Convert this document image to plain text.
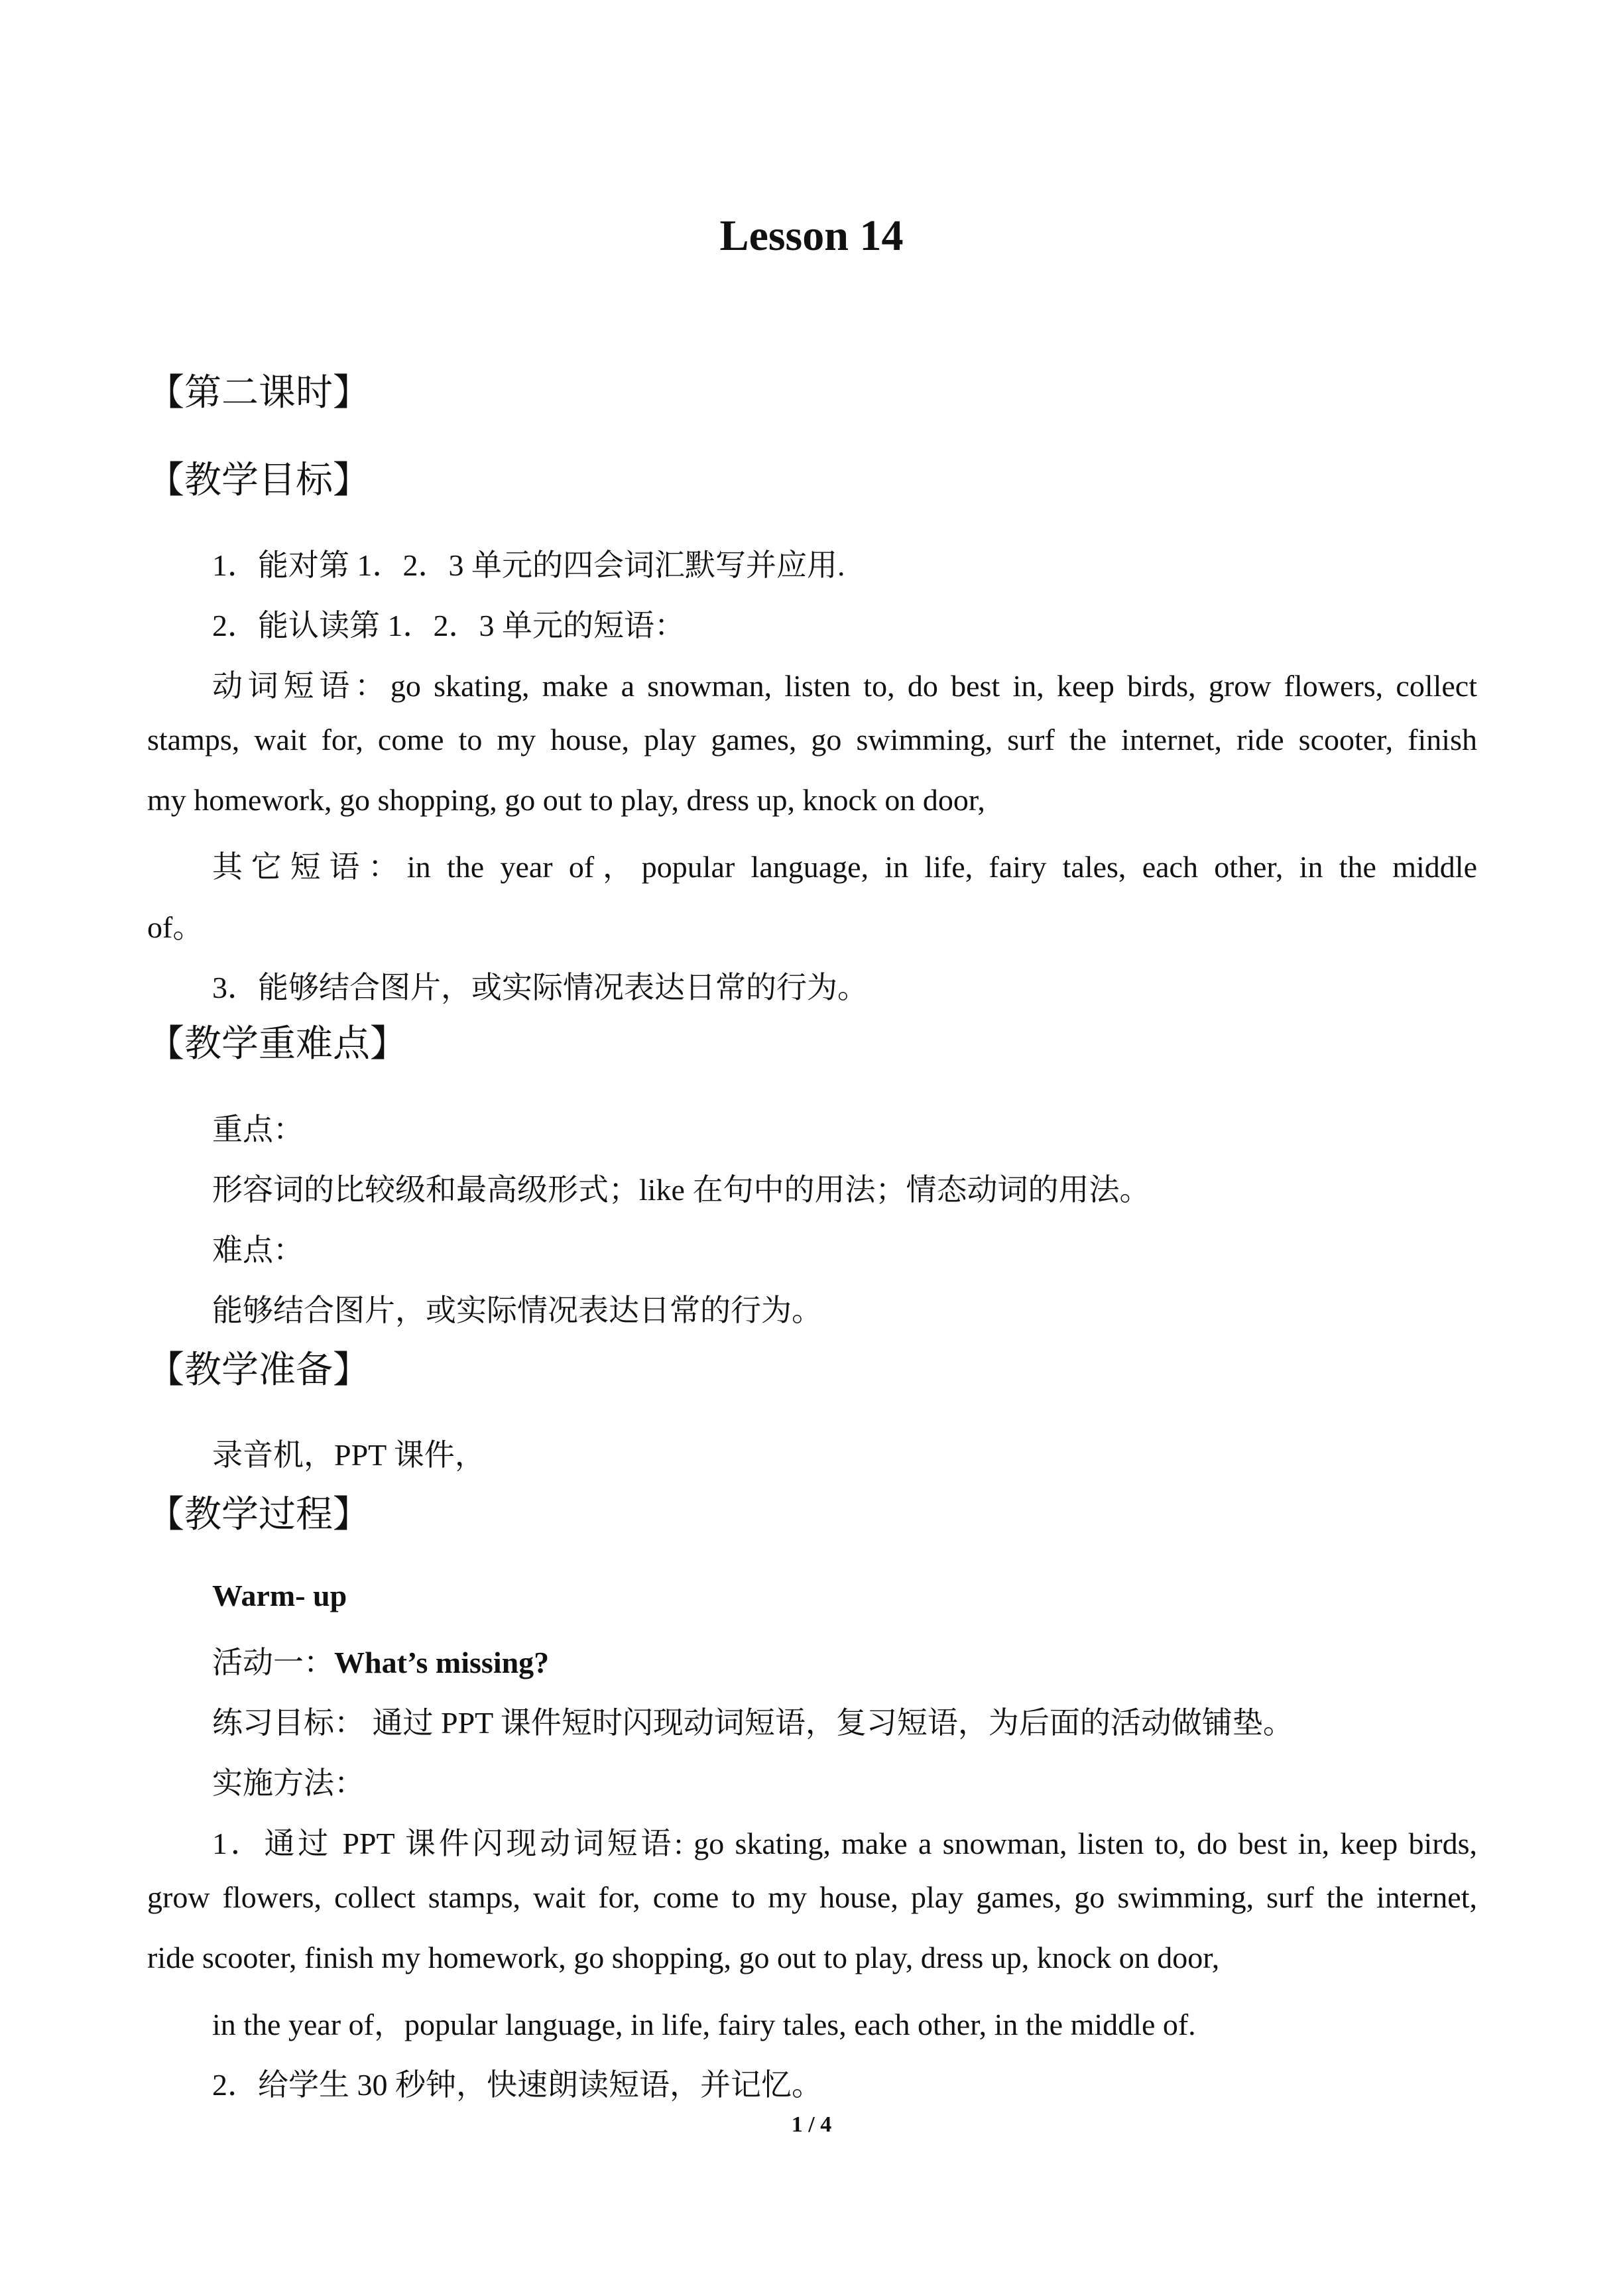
Lesson 14
【第二课时】
【教学目标】
1．能对第 1．2．3 单元的四会词汇默写并应用.
2．能认读第 1．2．3 单元的短语：
动词短语：go skating, make a snowman, listen to, do best in, keep birds, grow flowers, collect
stamps, wait for, come to my house, play games, go swimming, surf the internet, ride scooter, finish
my homework, go shopping, go out to play, dress up, knock on door,
其它短语：in the year of，popular language, in life, fairy tales, each other, in the middle
of。
3．能够结合图片，或实际情况表达日常的行为。
【教学重难点】
重点：
形容词的比较级和最高级形式；like 在句中的用法；情态动词的用法。
难点：
能够结合图片，或实际情况表达日常的行为。
【教学准备】
录音机，PPT 课件，
【教学过程】
Warm- up
活动一：What’s missing?
练习目标： 通过 PPT 课件短时闪现动词短语，复习短语，为后面的活动做铺垫。
实施方法：
1．通过 PPT 课件闪现动词短语: go skating, make a snowman, listen to, do best in, keep birds,
grow flowers, collect stamps, wait for, come to my house, play games, go swimming, surf the internet,
ride scooter, finish my homework, go shopping, go out to play, dress up, knock on door,
in the year of，popular language, in life, fairy tales, each other, in the middle of.
2．给学生 30 秒钟，快速朗读短语，并记忆。
1 / 4
